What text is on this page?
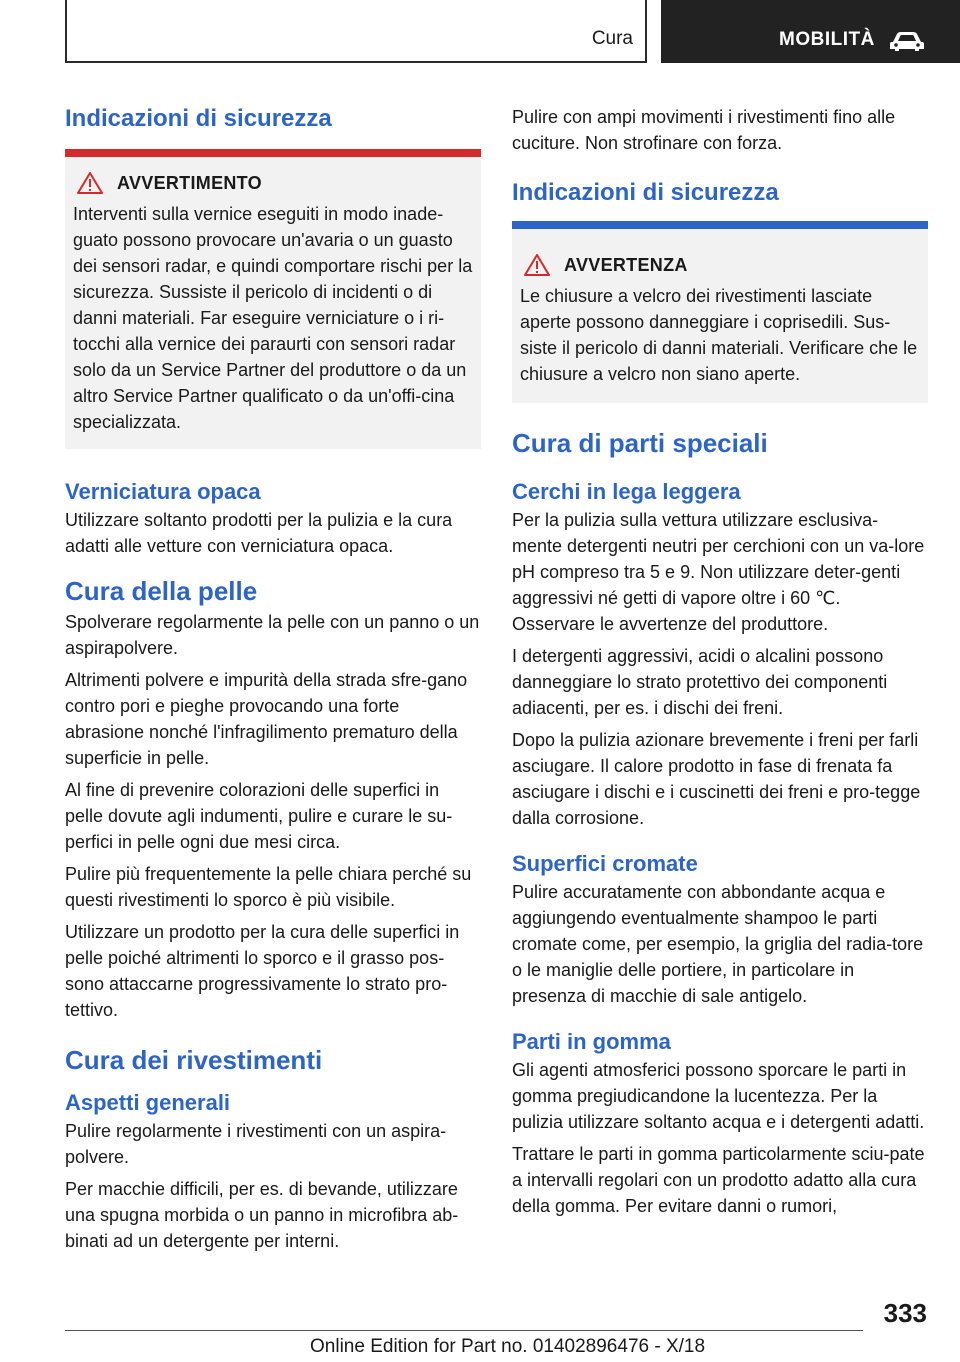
Cura	MOBILITÀ
Indicazioni di sicurezza
AVVERTIMENTO

Interventi sulla vernice eseguiti in modo inade-guato possono provocare un'avaria o un guasto dei sensori radar, e quindi comportare rischi per la sicurezza. Sussiste il pericolo di incidenti o di danni materiali. Far eseguire verniciature o i ri-tocchi alla vernice dei paraurti con sensori radar solo da un Service Partner del produttore o da un altro Service Partner qualificato o da un'offi-cina specializzata.

Verniciatura opaca

Utilizzare soltanto prodotti per la pulizia e la cura adatti alle vetture con verniciatura opaca.

Cura della pelle

Spolverare regolarmente la pelle con un panno o un aspirapolvere.

Altrimenti polvere e impurità della strada sfre-gano contro pori e pieghe provocando una forte abrasione nonché l'infragilimento prematuro della superficie in pelle.

Al fine di prevenire colorazioni delle superfici in pelle dovute agli indumenti, pulire e curare le su-perfici in pelle ogni due mesi circa.

Pulire più frequentemente la pelle chiara perché su questi rivestimenti lo sporco è più visibile.

Utilizzare un prodotto per la cura delle superfici in pelle poiché altrimenti lo sporco e il grasso pos-sono attaccarne progressivamente lo strato pro-tettivo.

Cura dei rivestimenti
Aspetti generali

Pulire regolarmente i rivestimenti con un aspira-polvere.

Per macchie difficili, per es. di bevande, utilizzare una spugna morbida o un panno in microfibra ab-binati ad un detergente per interni.

Pulire con ampi movimenti i rivestimenti fino alle cuciture. Non strofinare con forza.

Indicazioni di sicurezza
AVVERTENZA

Le chiusure a velcro dei rivestimenti lasciate aperte possono danneggiare i coprisedili. Sus-siste il pericolo di danni materiali. Verificare che le chiusure a velcro non siano aperte.

Cura di parti speciali
Cerchi in lega leggera

Per la pulizia sulla vettura utilizzare esclusiva-mente detergenti neutri per cerchioni con un va-lore pH compreso tra 5 e 9. Non utilizzare deter-genti aggressivi né getti di vapore oltre i 60 ℃. Osservare le avvertenze del produttore.

I detergenti aggressivi, acidi o alcalini possono danneggiare lo strato protettivo dei componenti adiacenti, per es. i dischi dei freni.

Dopo la pulizia azionare brevemente i freni per farli asciugare. Il calore prodotto in fase di frenata fa asciugare i dischi e i cuscinetti dei freni e pro-tegge dalla corrosione.

Superfici cromate

Pulire accuratamente con abbondante acqua e aggiungendo eventualmente shampoo le parti cromate come, per esempio, la griglia del radia-tore o le maniglie delle portiere, in particolare in presenza di macchie di sale antigelo.

Parti in gomma

Gli agenti atmosferici possono sporcare le parti in gomma pregiudicandone la lucentezza. Per la pulizia utilizzare soltanto acqua e i detergenti adatti.

Trattare le parti in gomma particolarmente sciu-pate a intervalli regolari con un prodotto adatto alla cura della gomma. Per evitare danni o rumori,

333
Online Edition for Part no. 01402896476 - X/18
